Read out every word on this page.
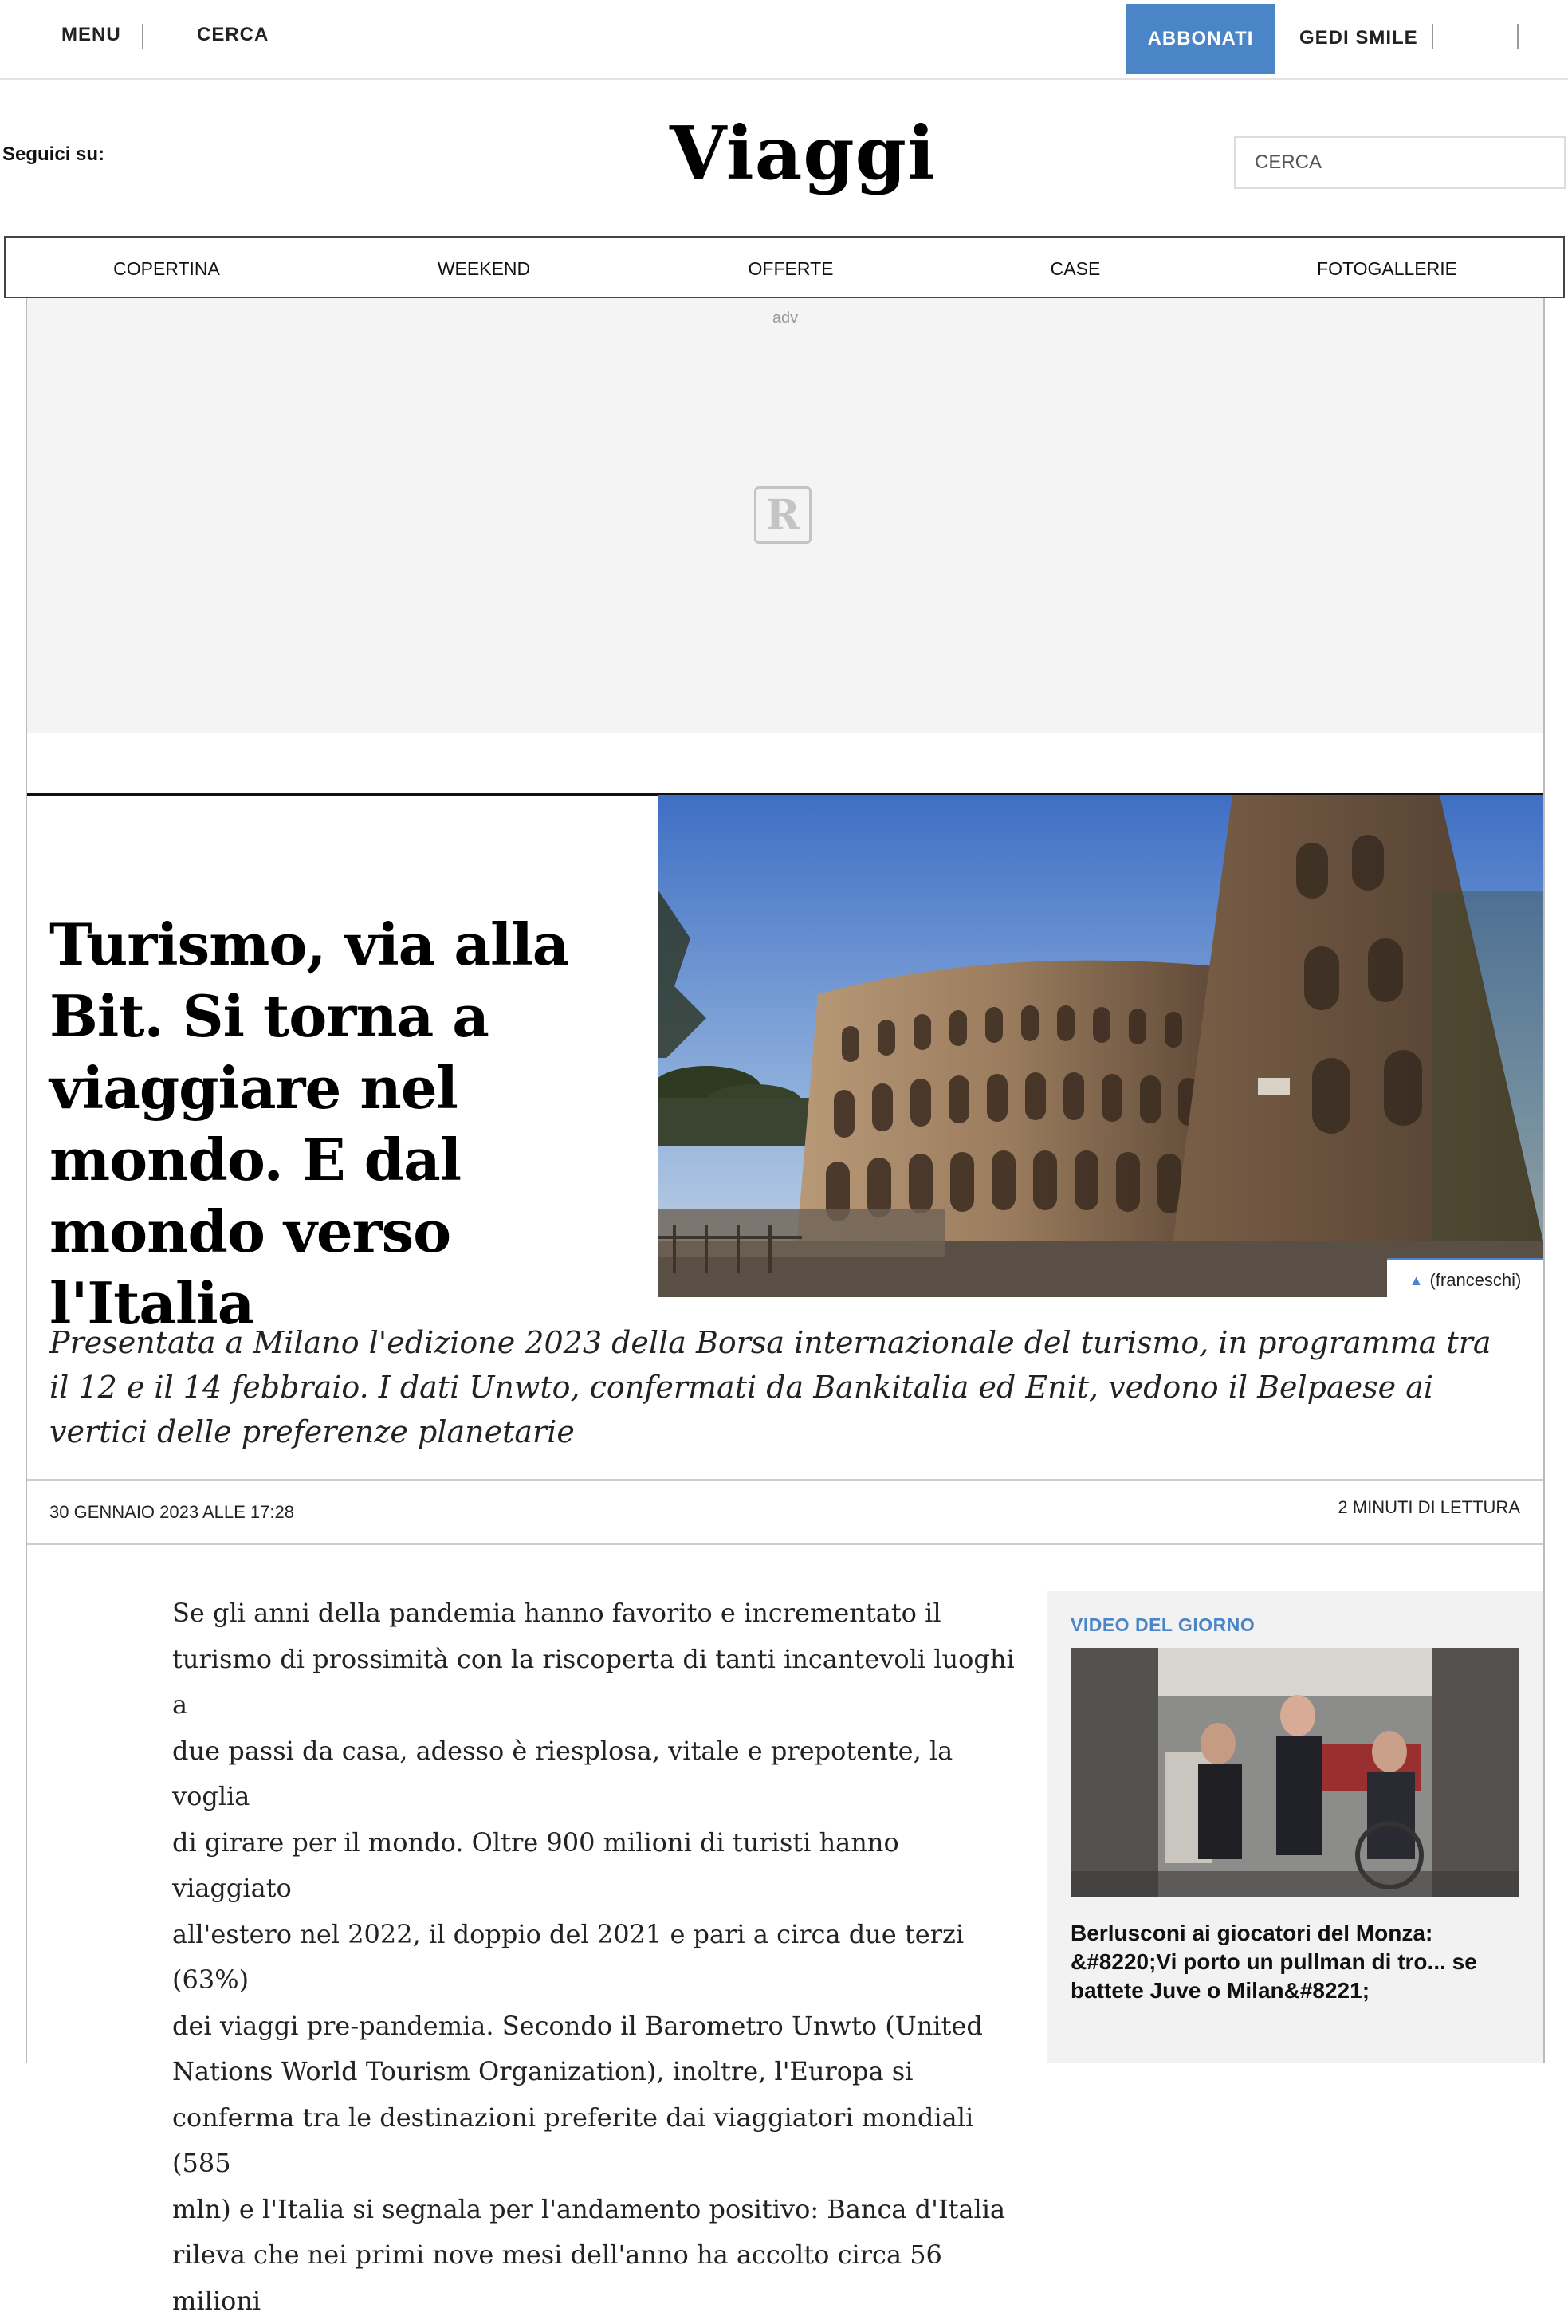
MENU	CERCA	ABBONATI	GEDI SMILE
Seguici su:	Viaggi	CERCA
COPERTINA	WEEKEND	OFFERTE	CASE	FOTOGALLERIE
adv
R
Turismo, via alla Bit. Si torna a viaggiare nel mondo. E dal mondo verso l'Italia	▲ (franceschi)

Presentata a Milano l'edizione 2023 della Borsa internazionale del turismo, in programma tra il 12 e il 14 febbraio. I dati Unwto, confermati da Bankitalia ed Enit, vedono il Belpaese ai vertici delle preferenze planetarie

30 GENNAIO 2023 ALLE 17:28	2 MINUTI DI LETTURA
Se gli anni della pandemia hanno favorito e incrementato il
turismo di prossimità con la riscoperta di tanti incantevoli luoghi a
due passi da casa, adesso è riesplosa, vitale e prepotente, la voglia
di girare per il mondo. Oltre 900 milioni di turisti hanno viaggiato
all'estero nel 2022, il doppio del 2021 e pari a circa due terzi (63%)
dei viaggi pre-pandemia. Secondo il Barometro Unwto (United
Nations World Tourism Organization), inoltre, l'Europa si
conferma tra le destinazioni preferite dai viaggiatori mondiali (585
mln) e l'Italia si segnala per l'andamento positivo: Banca d'Italia
rileva che nei primi nove mesi dell'anno ha accolto circa 56 milioni
VIDEO DEL GIORNO
Berlusconi ai giocatori del Monza: &#8220;Vi porto un pullman di tro... se battete Juve o Milan&#8221;
